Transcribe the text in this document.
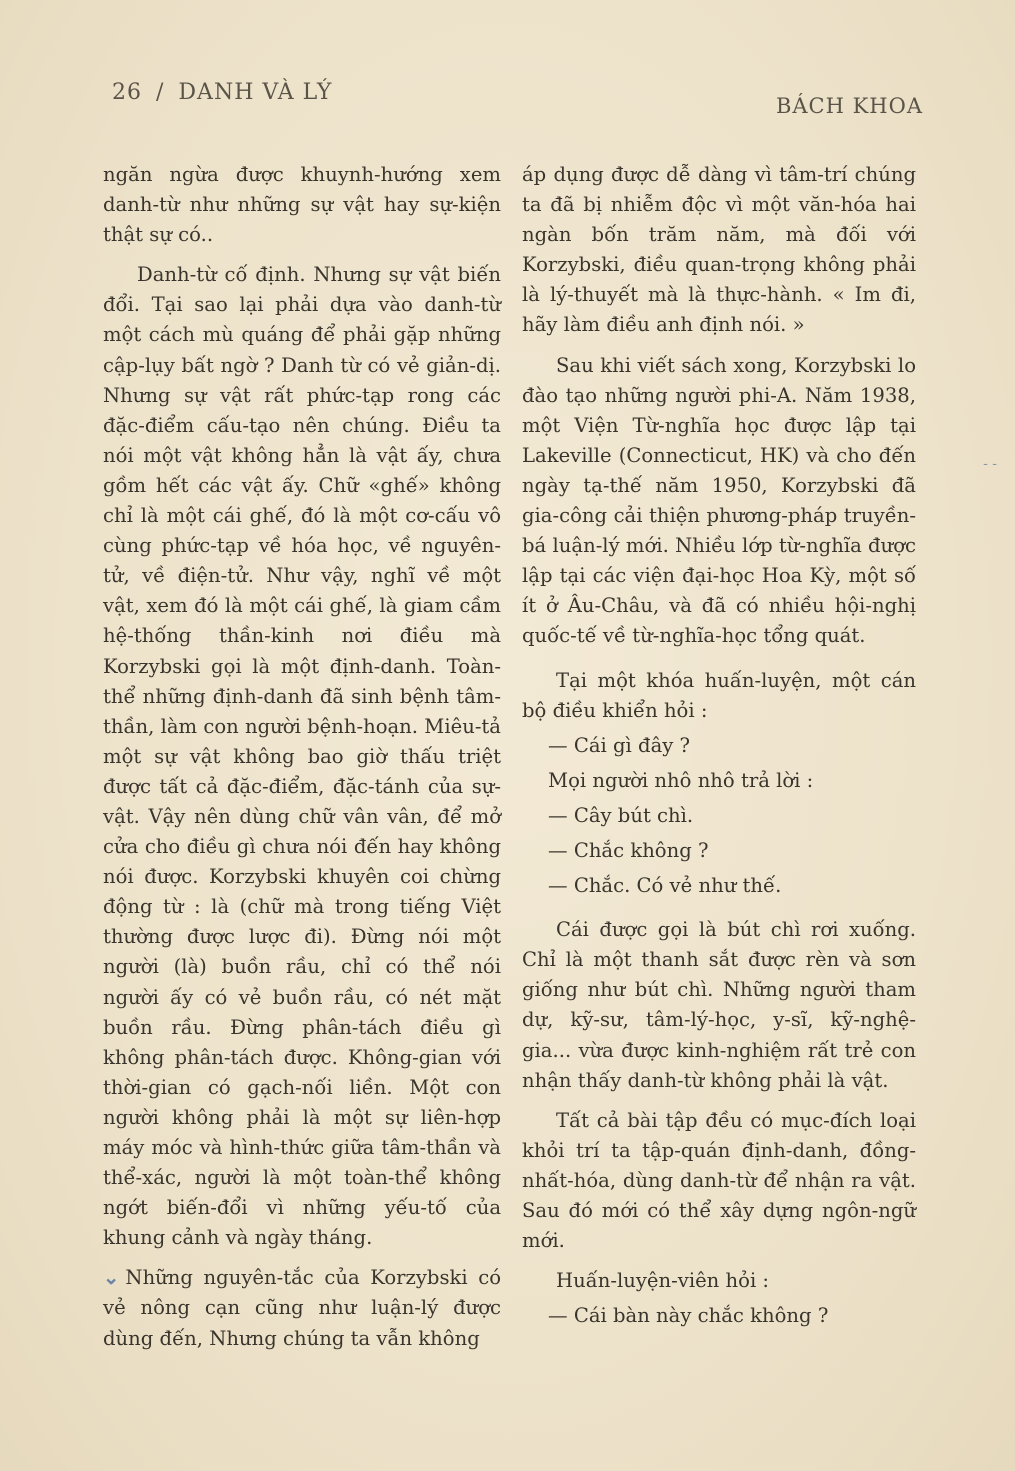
26 / DANH VÀ LÝ
BÁCH KHOA

ngăn ngừa được khuynh-hướng xem danh-từ như những sự vật hay sự-kiện thật sự có..

Danh-từ cố định. Nhưng sự vật biến đổi. Tại sao lại phải dựa vào danh-từ một cách mù quáng để phải gặp những cập-lụy bất ngờ ? Danh từ có vẻ giản-dị. Nhưng sự vật rất phức-tạp rong các đặc-điểm cấu-tạo nên chúng. Điều ta nói một vật không hẳn là vật ấy, chưa gồm hết các vật ấy. Chữ «ghế» không chỉ là một cái ghế, đó là một cơ-cấu vô cùng phức-tạp về hóa học, về nguyên-tử, về điện-tử. Như vậy, nghĩ về một vật, xem đó là một cái ghế, là giam cầm hệ-thống thần-kinh nơi điều mà Korzybski gọi là một định-danh. Toàn-thể những định-danh đã sinh bệnh tâm-thần, làm con người bệnh-hoạn. Miêu-tả một sự vật không bao giờ thấu triệt được tất cả đặc-điểm, đặc-tánh của sự-vật. Vậy nên dùng chữ vân vân, để mở cửa cho điều gì chưa nói đến hay không nói được. Korzybski khuyên coi chừng động từ : là (chữ mà trong tiếng Việt thường được lược đi). Đừng nói một người (là) buồn rầu, chỉ có thể nói người ấy có vẻ buồn rầu, có nét mặt buồn rầu. Đừng phân-tách điều gì không phân-tách được. Không-gian với thời-gian có gạch-nối liền. Một con người không phải là một sự liên-hợp máy móc và hình-thức giữa tâm-thần và thể-xác, người là một toàn-thể không ngớt biến-đổi vì những yếu-tố của khung cảnh và ngày tháng.

⌄ Những nguyên-tắc của Korzybski có vẻ nông cạn cũng như luận-lý được dùng đến, Nhưng chúng ta vẫn không

áp dụng được dễ dàng vì tâm-trí chúng ta đã bị nhiễm độc vì một văn-hóa hai ngàn bốn trăm năm, mà đối với Korzybski, điều quan-trọng không phải là lý-thuyết mà là thực-hành. « Im đi, hãy làm điều anh định nói. »

Sau khi viết sách xong, Korzybski lo đào tạo những người phi-A. Năm 1938, một Viện Từ-nghĩa học được lập tại Lakeville (Connecticut, HK) và cho đến ngày tạ-thế năm 1950, Korzybski đã gia-công cải thiện phương-pháp truyền-bá luận-lý mới. Nhiều lớp từ-nghĩa được lập tại các viện đại-học Hoa Kỳ, một số ít ở Âu-Châu, và đã có nhiều hội-nghị quốc-tế về từ-nghĩa-học tổng quát.

Tại một khóa huấn-luyện, một cán bộ điều khiển hỏi :

— Cái gì đây ?

Mọi người nhô nhô trả lời :

— Cây bút chì.

— Chắc không ?

— Chắc. Có vẻ như thế.

Cái được gọi là bút chì rơi xuống. Chỉ là một thanh sắt được rèn và sơn giống như bút chì. Những người tham dự, kỹ-sư, tâm-lý-học, y-sĩ, kỹ-nghệ-gia... vừa được kinh-nghiệm rất trẻ con nhận thấy danh-từ không phải là vật.

Tất cả bài tập đều có mục-đích loại khỏi trí ta tập-quán định-danh, đồng-nhất-hóa, dùng danh-từ để nhận ra vật. Sau đó mới có thể xây dựng ngôn-ngữ mới.

Huấn-luyện-viên hỏi :

— Cái bàn này chắc không ?

‐ ‐
